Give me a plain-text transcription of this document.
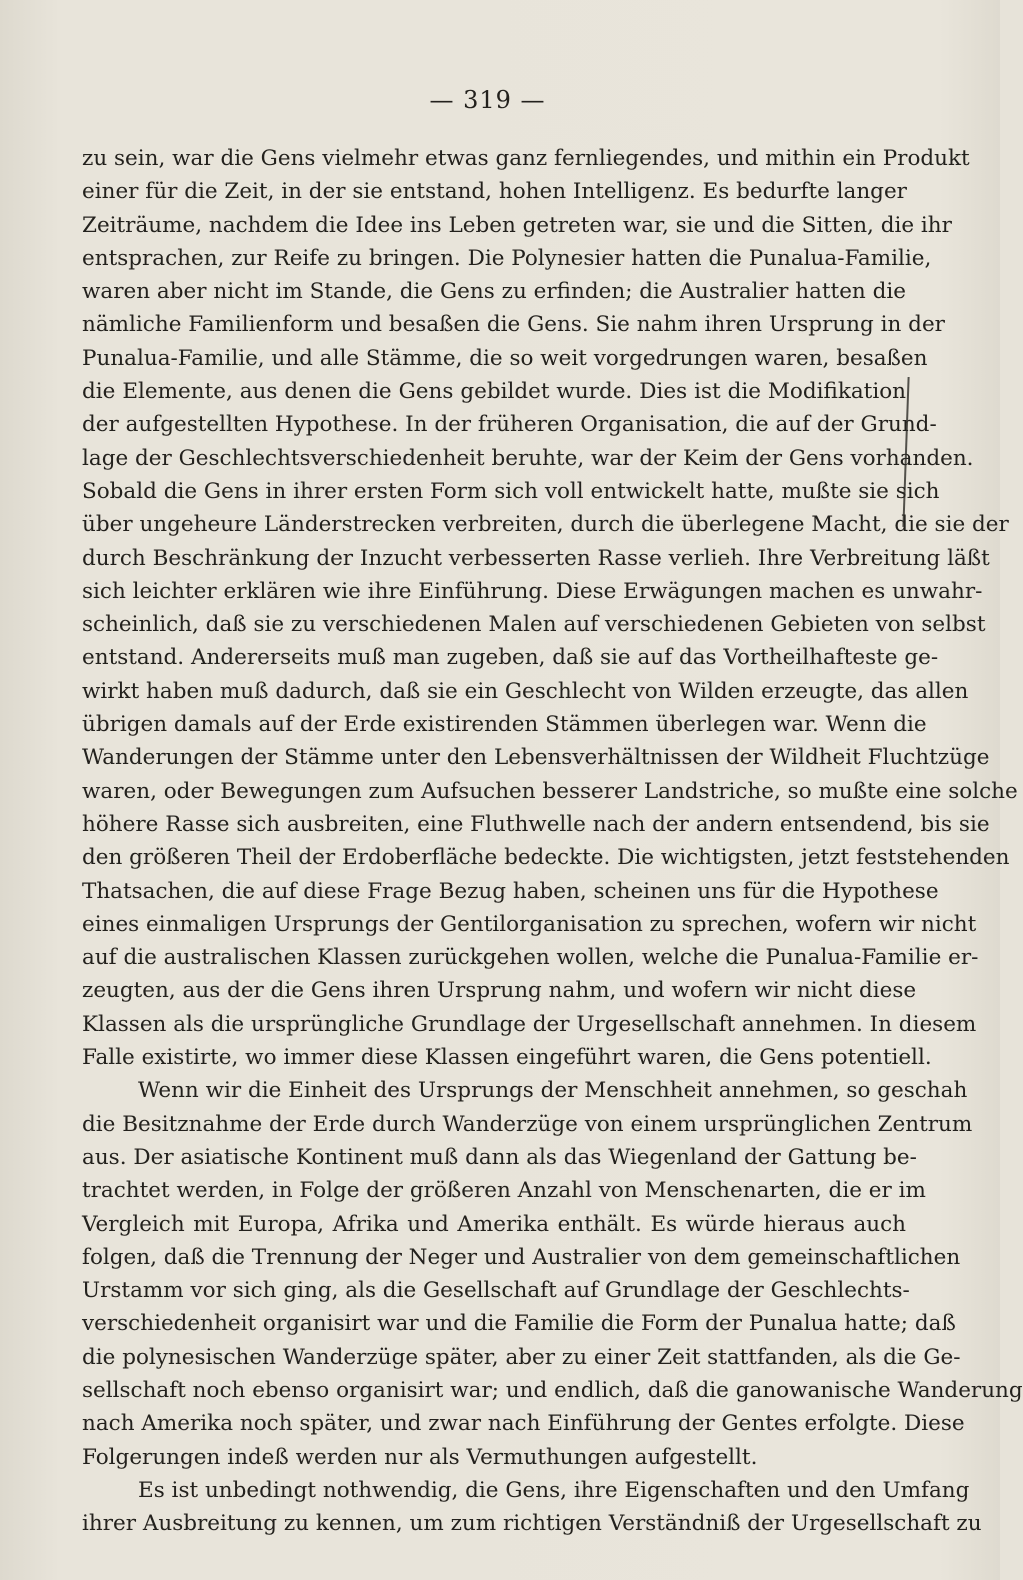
— 319 —
zu sein, war die Gens vielmehr etwas ganz fernliegendes, und mithin ein Produkt
einer für die Zeit, in der sie entstand, hohen Intelligenz. Es bedurfte langer
Zeiträume, nachdem die Idee ins Leben getreten war, sie und die Sitten, die ihr
entsprachen, zur Reife zu bringen. Die Polynesier hatten die Punalua-Familie,
waren aber nicht im Stande, die Gens zu erfinden; die Australier hatten die
nämliche Familienform und besaßen die Gens. Sie nahm ihren Ursprung in der
Punalua-Familie, und alle Stämme, die so weit vorgedrungen waren, besaßen
die Elemente, aus denen die Gens gebildet wurde. Dies ist die Modifikation
der aufgestellten Hypothese. In der früheren Organisation, die auf der Grund-
lage der Geschlechtsverschiedenheit beruhte, war der Keim der Gens vorhanden.
Sobald die Gens in ihrer ersten Form sich voll entwickelt hatte, mußte sie sich
über ungeheure Länderstrecken verbreiten, durch die überlegene Macht, die sie der
durch Beschränkung der Inzucht verbesserten Rasse verlieh. Ihre Verbreitung läßt
sich leichter erklären wie ihre Einführung. Diese Erwägungen machen es unwahr-
scheinlich, daß sie zu verschiedenen Malen auf verschiedenen Gebieten von selbst
entstand. Andererseits muß man zugeben, daß sie auf das Vortheilhafteste ge-
wirkt haben muß dadurch, daß sie ein Geschlecht von Wilden erzeugte, das allen
übrigen damals auf der Erde existirenden Stämmen überlegen war. Wenn die
Wanderungen der Stämme unter den Lebensverhältnissen der Wildheit Fluchtzüge
waren, oder Bewegungen zum Aufsuchen besserer Landstriche, so mußte eine solche
höhere Rasse sich ausbreiten, eine Fluthwelle nach der andern entsendend, bis sie
den größeren Theil der Erdoberfläche bedeckte. Die wichtigsten, jetzt feststehenden
Thatsachen, die auf diese Frage Bezug haben, scheinen uns für die Hypothese
eines einmaligen Ursprungs der Gentilorganisation zu sprechen, wofern wir nicht
auf die australischen Klassen zurückgehen wollen, welche die Punalua-Familie er-
zeugten, aus der die Gens ihren Ursprung nahm, und wofern wir nicht diese
Klassen als die ursprüngliche Grundlage der Urgesellschaft annehmen. In diesem
Falle existirte, wo immer diese Klassen eingeführt waren, die Gens potentiell.
Wenn wir die Einheit des Ursprungs der Menschheit annehmen, so geschah
die Besitznahme der Erde durch Wanderzüge von einem ursprünglichen Zentrum
aus. Der asiatische Kontinent muß dann als das Wiegenland der Gattung be-
trachtet werden, in Folge der größeren Anzahl von Menschenarten, die er im
Vergleich mit Europa, Afrika und Amerika enthält. Es würde hieraus auch
folgen, daß die Trennung der Neger und Australier von dem gemeinschaftlichen
Urstamm vor sich ging, als die Gesellschaft auf Grundlage der Geschlechts-
verschiedenheit organisirt war und die Familie die Form der Punalua hatte; daß
die polynesischen Wanderzüge später, aber zu einer Zeit stattfanden, als die Ge-
sellschaft noch ebenso organisirt war; und endlich, daß die ganowanische Wanderung
nach Amerika noch später, und zwar nach Einführung der Gentes erfolgte. Diese
Folgerungen indeß werden nur als Vermuthungen aufgestellt.
Es ist unbedingt nothwendig, die Gens, ihre Eigenschaften und den Umfang
ihrer Ausbreitung zu kennen, um zum richtigen Verständniß der Urgesellschaft zu
